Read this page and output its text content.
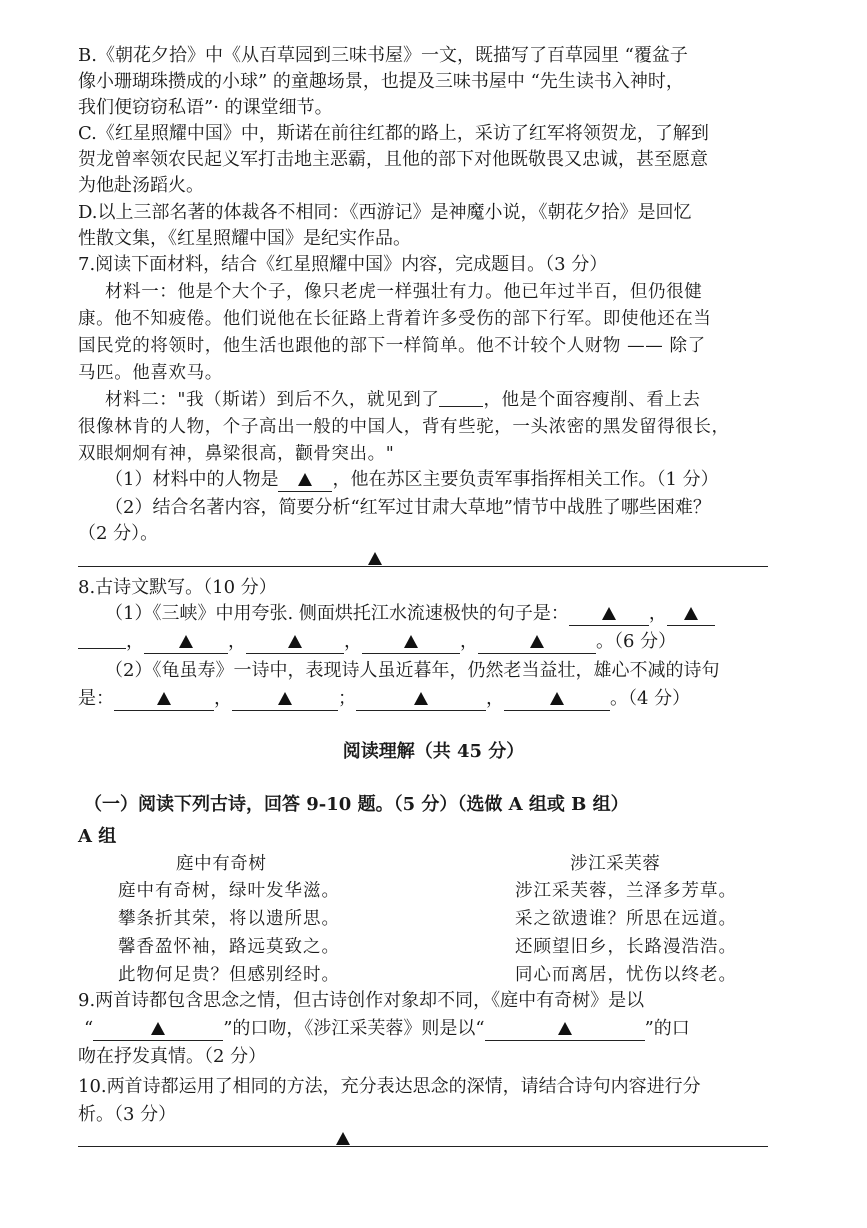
B.《朝花夕拾》中《从百草园到三味书屋》一文，既描写了百草园里 “覆盆子
像小珊瑚珠攒成的小球” 的童趣场景，也提及三味书屋中 “先生读书入神时，
我们便窃窃私语”· 的课堂细节。
C.《红星照耀中国》中，斯诺在前往红都的路上，采访了红军将领贺龙，了解到
贺龙曾率领农民起义军打击地主恶霸，且他的部下对他既敬畏又忠诚，甚至愿意
为他赴汤蹈火。
D.以上三部名著的体裁各不相同：《西游记》是神魔小说，《朝花夕拾》是回忆
性散文集，《红星照耀中国》是纪实作品。
7.阅读下面材料，结合《红星照耀中国》内容，完成题目。（3 分）
材料一：他是个大个子，像只老虎一样强壮有力。他已年过半百，但仍很健
康。他不知疲倦。他们说他在长征路上背着许多受伤的部下行军。即使他还在当
国民党的将领时，他生活也跟他的部下一样简单。他不计较个人财物 —— 除了
马匹。他喜欢马。
材料二："我（斯诺）到后不久，就见到了	，他是个面容瘦削、看上去
很像林肯的人物，个子高出一般的中国人，背有些驼，一头浓密的黑发留得很长，
双眼炯炯有神，鼻梁很高，颧骨突出。"
（1）材料中的人物是	，他在苏区主要负责军事指挥相关工作。（1 分）
（2）结合名著内容，简要分析“红军过甘肃大草地”情节中战胜了哪些困难？
（2 分）。
8.古诗文默写。（10 分）
（1）《三峡》中用夸张. 侧面烘托江水流速极快的句子是：	，
，	，	，	，	。（6 分）
（2）《龟虽寿》一诗中，表现诗人虽近暮年，仍然老当益壮，雄心不减的诗句
是：	，	；	，	。（4 分）
阅读理解（共 45 分）
（一）阅读下列古诗，回答 9-10 题。（5 分）（选做 A 组或 B 组）
A 组
庭中有奇树
庭中有奇树，绿叶发华滋。
攀条折其荣，将以遗所思。
馨香盈怀袖，路远莫致之。
此物何足贵？但感别经时。
涉江采芙蓉
涉江采芙蓉，兰泽多芳草。
采之欲遗谁？所思在远道。
还顾望旧乡，长路漫浩浩。
同心而离居，忧伤以终老。
9.两首诗都包含思念之情，但古诗创作对象却不同，《庭中有奇树》是以
“	”的口吻，《涉江采芙蓉》则是以“	”的口
吻在抒发真情。（2 分）
10.两首诗都运用了相同的方法，充分表达思念的深情，请结合诗句内容进行分
析。（3 分）
